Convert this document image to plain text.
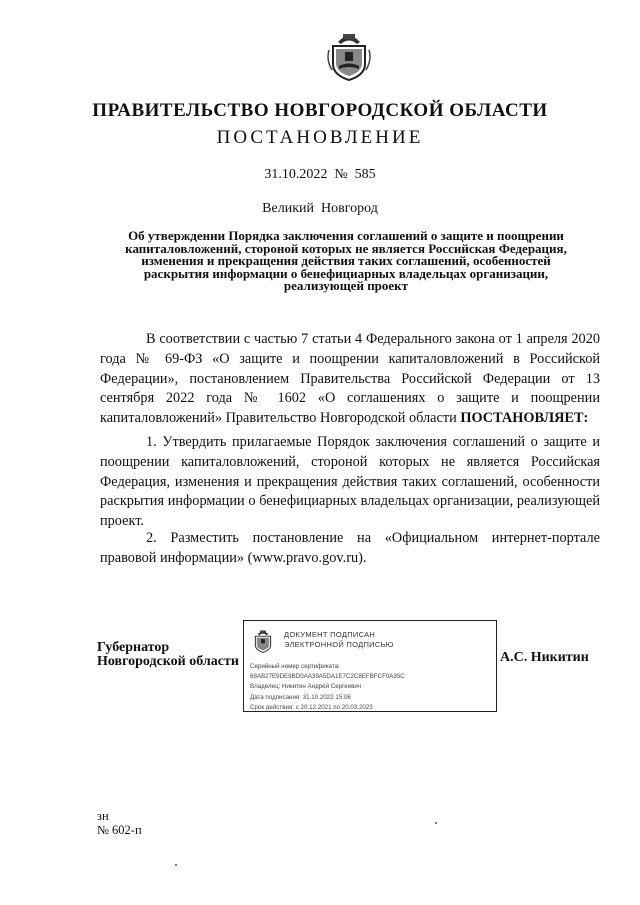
ПРАВИТЕЛЬСТВО НОВГОРОДСКОЙ ОБЛАСТИ
ПОСТАНОВЛЕНИЕ
31.10.2022  №  585
Великий  Новгород
Об утверждении Порядка заключения соглашений о защите и поощрении капиталовложений, стороной которых не является Российская Федерация, изменения и прекращения действия таких соглашений, особенностей раскрытия информации о бенефициарных владельцах организации, реализующей проект
В соответствии с частью 7 статьи 4 Федерального закона от 1 апреля 2020 года № 69-ФЗ «О защите и поощрении капиталовложений в Российской Федерации», постановлением Правительства Российской Федерации от 13 сентября 2022 года № 1602 «О соглашениях о защите и поощрении капиталовложений» Правительство Новгородской области ПОСТАНОВЛЯЕТ:
1. Утвердить прилагаемые Порядок заключения соглашений о защите и поощрении капиталовложений, стороной которых не является Российская Федерация, изменения и прекращения действия таких соглашений, особенности раскрытия информации о бенефициарных владельцах организации, реализующей проект.
2. Разместить постановление на «Официальном интернет-портале правовой информации» (www.pravo.gov.ru).
Губернатор
Новгородской области
ДОКУМЕНТ ПОДПИСАН
ЭЛЕКТРОННОЙ ПОДПИСЬЮ
Серийный номер сертификата:
68AB27E9DE9BD0AA39A5DA1E7C2C8EFBFCF0A35C
Владелец: Никитин Андрей Сергеевич
Дата подписания: 31.10.2022 15:06
Срок действия: с 20.12.2021 по 20.03.2023
А.С. Никитин
зн
№ 602-п
